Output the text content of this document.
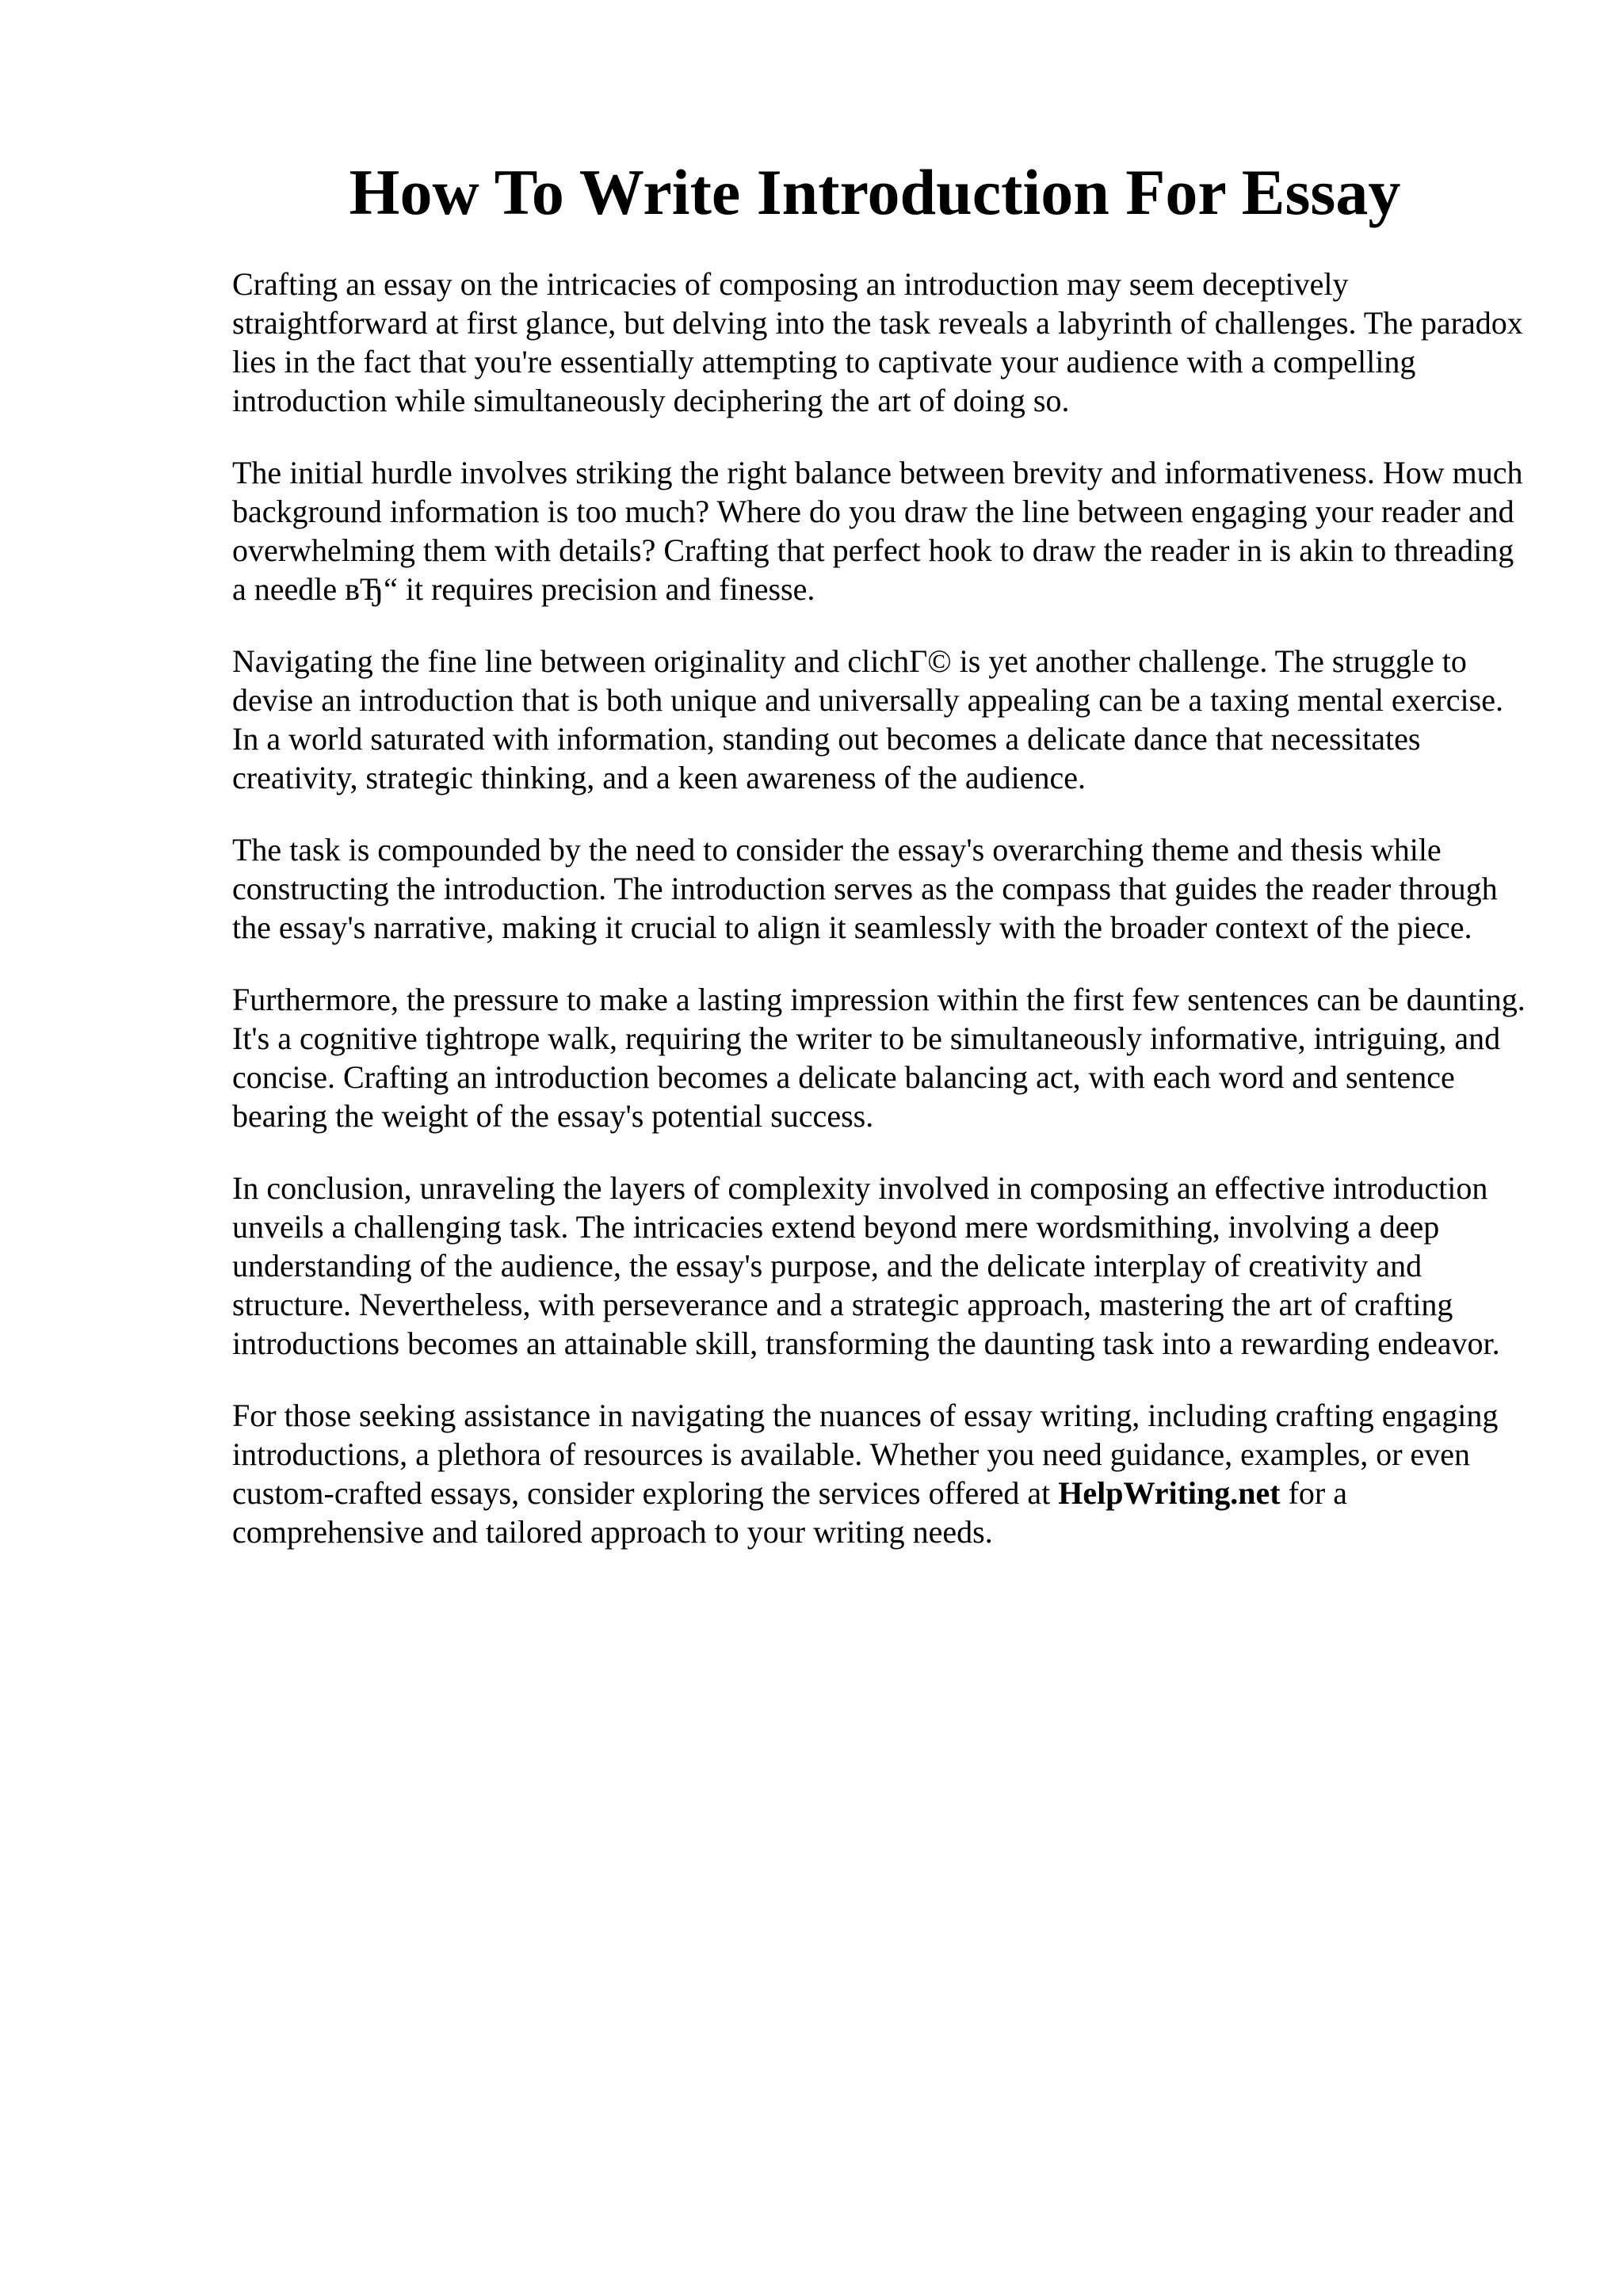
How To Write Introduction For Essay

Crafting an essay on the intricacies of composing an introduction may seem deceptively straightforward at first glance, but delving into the task reveals a labyrinth of challenges. The paradox lies in the fact that you're essentially attempting to captivate your audience with a compelling introduction while simultaneously deciphering the art of doing so.

The initial hurdle involves striking the right balance between brevity and informativeness. How much background information is too much? Where do you draw the line between engaging your reader and overwhelming them with details? Crafting that perfect hook to draw the reader in is akin to threading a needle вЂ“ it requires precision and finesse.

Navigating the fine line between originality and clichГ© is yet another challenge. The struggle to devise an introduction that is both unique and universally appealing can be a taxing mental exercise. In a world saturated with information, standing out becomes a delicate dance that necessitates creativity, strategic thinking, and a keen awareness of the audience.

The task is compounded by the need to consider the essay's overarching theme and thesis while constructing the introduction. The introduction serves as the compass that guides the reader through the essay's narrative, making it crucial to align it seamlessly with the broader context of the piece.

Furthermore, the pressure to make a lasting impression within the first few sentences can be daunting. It's a cognitive tightrope walk, requiring the writer to be simultaneously informative, intriguing, and concise. Crafting an introduction becomes a delicate balancing act, with each word and sentence bearing the weight of the essay's potential success.

In conclusion, unraveling the layers of complexity involved in composing an effective introduction unveils a challenging task. The intricacies extend beyond mere wordsmithing, involving a deep understanding of the audience, the essay's purpose, and the delicate interplay of creativity and structure. Nevertheless, with perseverance and a strategic approach, mastering the art of crafting introductions becomes an attainable skill, transforming the daunting task into a rewarding endeavor.

For those seeking assistance in navigating the nuances of essay writing, including crafting engaging introductions, a plethora of resources is available. Whether you need guidance, examples, or even custom-crafted essays, consider exploring the services offered at HelpWriting.net for a comprehensive and tailored approach to your writing needs.
